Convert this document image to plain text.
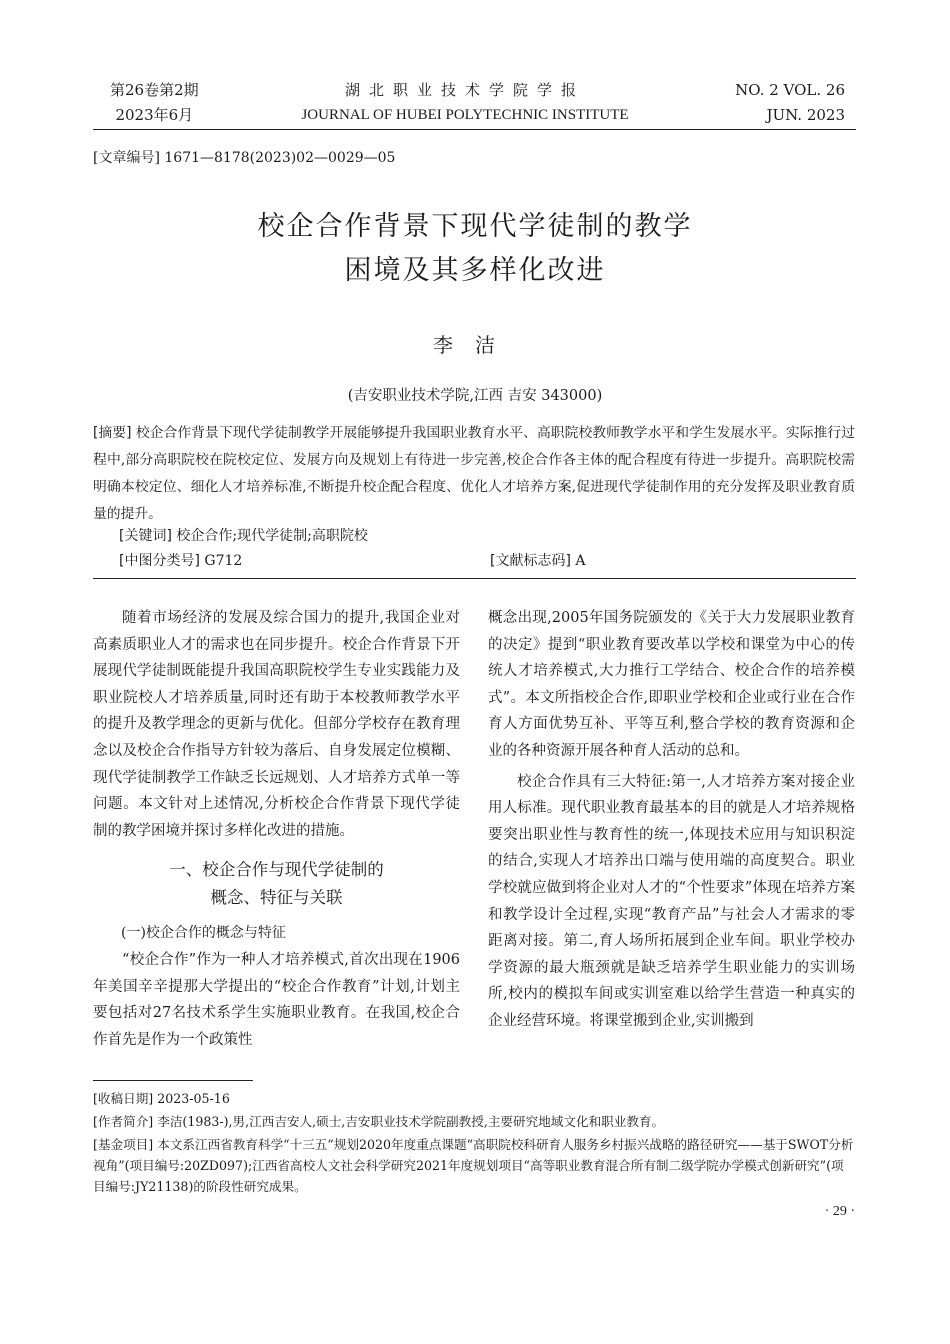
第26卷第2期
2023年6月
湖北职业技术学院学报
JOURNAL OF HUBEI POLYTECHNIC INSTITUTE
NO. 2 VOL. 26
JUN. 2023
[文章编号] 1671—8178(2023)02—0029—05
校企合作背景下现代学徒制的教学
困境及其多样化改进
李洁
(吉安职业技术学院,江西 吉安 343000)
[摘要] 校企合作背景下现代学徒制教学开展能够提升我国职业教育水平、高职院校教师教学水平和学生发展水平。实际推行过程中,部分高职院校在院校定位、发展方向及规划上有待进一步完善,校企合作各主体的配合程度有待进一步提升。高职院校需明确本校定位、细化人才培养标准,不断提升校企配合程度、优化人才培养方案,促进现代学徒制作用的充分发挥及职业教育质量的提升。
[关键词] 校企合作;现代学徒制;高职院校
[中图分类号] G712	[文献标志码] A

随着市场经济的发展及综合国力的提升,我国企业对高素质职业人才的需求也在同步提升。校企合作背景下开展现代学徒制既能提升我国高职院校学生专业实践能力及职业院校人才培养质量,同时还有助于本校教师教学水平的提升及教学理念的更新与优化。但部分学校存在教育理念以及校企合作指导方针较为落后、自身发展定位模糊、现代学徒制教学工作缺乏长远规划、人才培养方式单一等问题。本文针对上述情况,分析校企合作背景下现代学徒制的教学困境并探讨多样化改进的措施。

一、校企合作与现代学徒制的
概念、特征与关联

(一)校企合作的概念与特征

“校企合作”作为一种人才培养模式,首次出现在1906年美国辛辛提那大学提出的“校企合作教育”计划,计划主要包括对27名技术系学生实施职业教育。在我国,校企合作首先是作为一个政策性

概念出现,2005年国务院颁发的《关于大力发展职业教育的决定》提到“职业教育要改革以学校和课堂为中心的传统人才培养模式,大力推行工学结合、校企合作的培养模式”。本文所指校企合作,即职业学校和企业或行业在合作育人方面优势互补、平等互利,整合学校的教育资源和企业的各种资源开展各种育人活动的总和。

校企合作具有三大特征:第一,人才培养方案对接企业用人标准。现代职业教育最基本的目的就是人才培养规格要突出职业性与教育性的统一,体现技术应用与知识积淀的结合,实现人才培养出口端与使用端的高度契合。职业学校就应做到将企业对人才的“个性要求”体现在培养方案和教学设计全过程,实现“教育产品”与社会人才需求的零距离对接。第二,育人场所拓展到企业车间。职业学校办学资源的最大瓶颈就是缺乏培养学生职业能力的实训场所,校内的模拟车间或实训室难以给学生营造一种真实的企业经营环境。将课堂搬到企业,实训搬到

[收稿日期] 2023-05-16
[作者简介] 李洁(1983-),男,江西吉安人,硕士,吉安职业技术学院副教授,主要研究地域文化和职业教育。
[基金项目] 本文系江西省教育科学“十三五”规划2020年度重点课题“高职院校科研育人服务乡村振兴战略的路径研究——基于SWOT分析视角”(项目编号:20ZD097);江西省高校人文社会科学研究2021年度规划项目“高等职业教育混合所有制二级学院办学模式创新研究”(项目编号:JY21138)的阶段性研究成果。
· 29 ·
